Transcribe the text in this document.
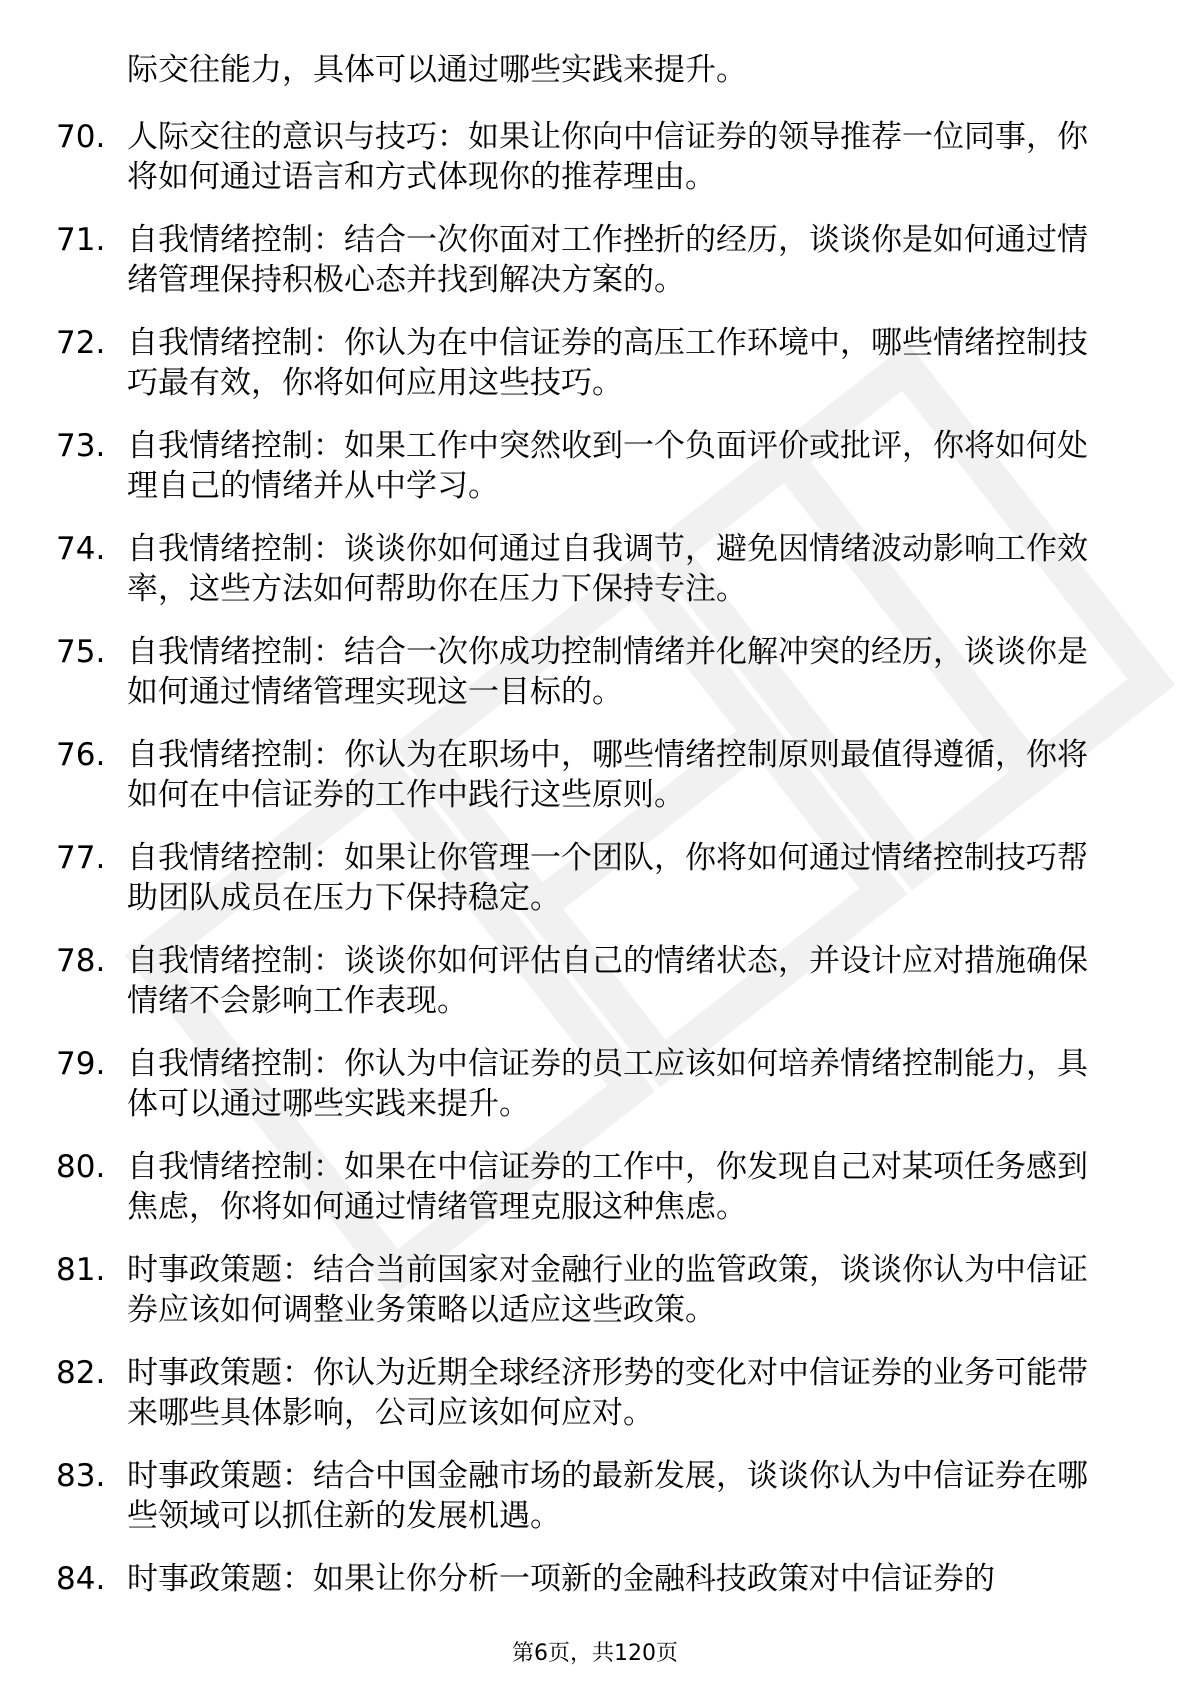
际交往能力，具体可以通过哪些实践来提升。
70. 人际交往的意识与技巧：如果让你向中信证券的领导推荐一位同事，你将如何通过语言和方式体现你的推荐理由。
71. 自我情绪控制：结合一次你面对工作挫折的经历，谈谈你是如何通过情绪管理保持积极心态并找到解决方案的。
72. 自我情绪控制：你认为在中信证券的高压工作环境中，哪些情绪控制技巧最有效，你将如何应用这些技巧。
73. 自我情绪控制：如果工作中突然收到一个负面评价或批评，你将如何处理自己的情绪并从中学习。
74. 自我情绪控制：谈谈你如何通过自我调节，避免因情绪波动影响工作效率，这些方法如何帮助你在压力下保持专注。
75. 自我情绪控制：结合一次你成功控制情绪并化解冲突的经历，谈谈你是如何通过情绪管理实现这一目标的。
76. 自我情绪控制：你认为在职场中，哪些情绪控制原则最值得遵循，你将如何在中信证券的工作中践行这些原则。
77. 自我情绪控制：如果让你管理一个团队，你将如何通过情绪控制技巧帮助团队成员在压力下保持稳定。
78. 自我情绪控制：谈谈你如何评估自己的情绪状态，并设计应对措施确保情绪不会影响工作表现。
79. 自我情绪控制：你认为中信证券的员工应该如何培养情绪控制能力，具体可以通过哪些实践来提升。
80. 自我情绪控制：如果在中信证券的工作中，你发现自己对某项任务感到焦虑，你将如何通过情绪管理克服这种焦虑。
81. 时事政策题：结合当前国家对金融行业的监管政策，谈谈你认为中信证券应该如何调整业务策略以适应这些政策。
82. 时事政策题：你认为近期全球经济形势的变化对中信证券的业务可能带来哪些具体影响，公司应该如何应对。
83. 时事政策题：结合中国金融市场的最新发展，谈谈你认为中信证券在哪些领域可以抓住新的发展机遇。
84. 时事政策题：如果让你分析一项新的金融科技政策对中信证券的
第6页，共120页
